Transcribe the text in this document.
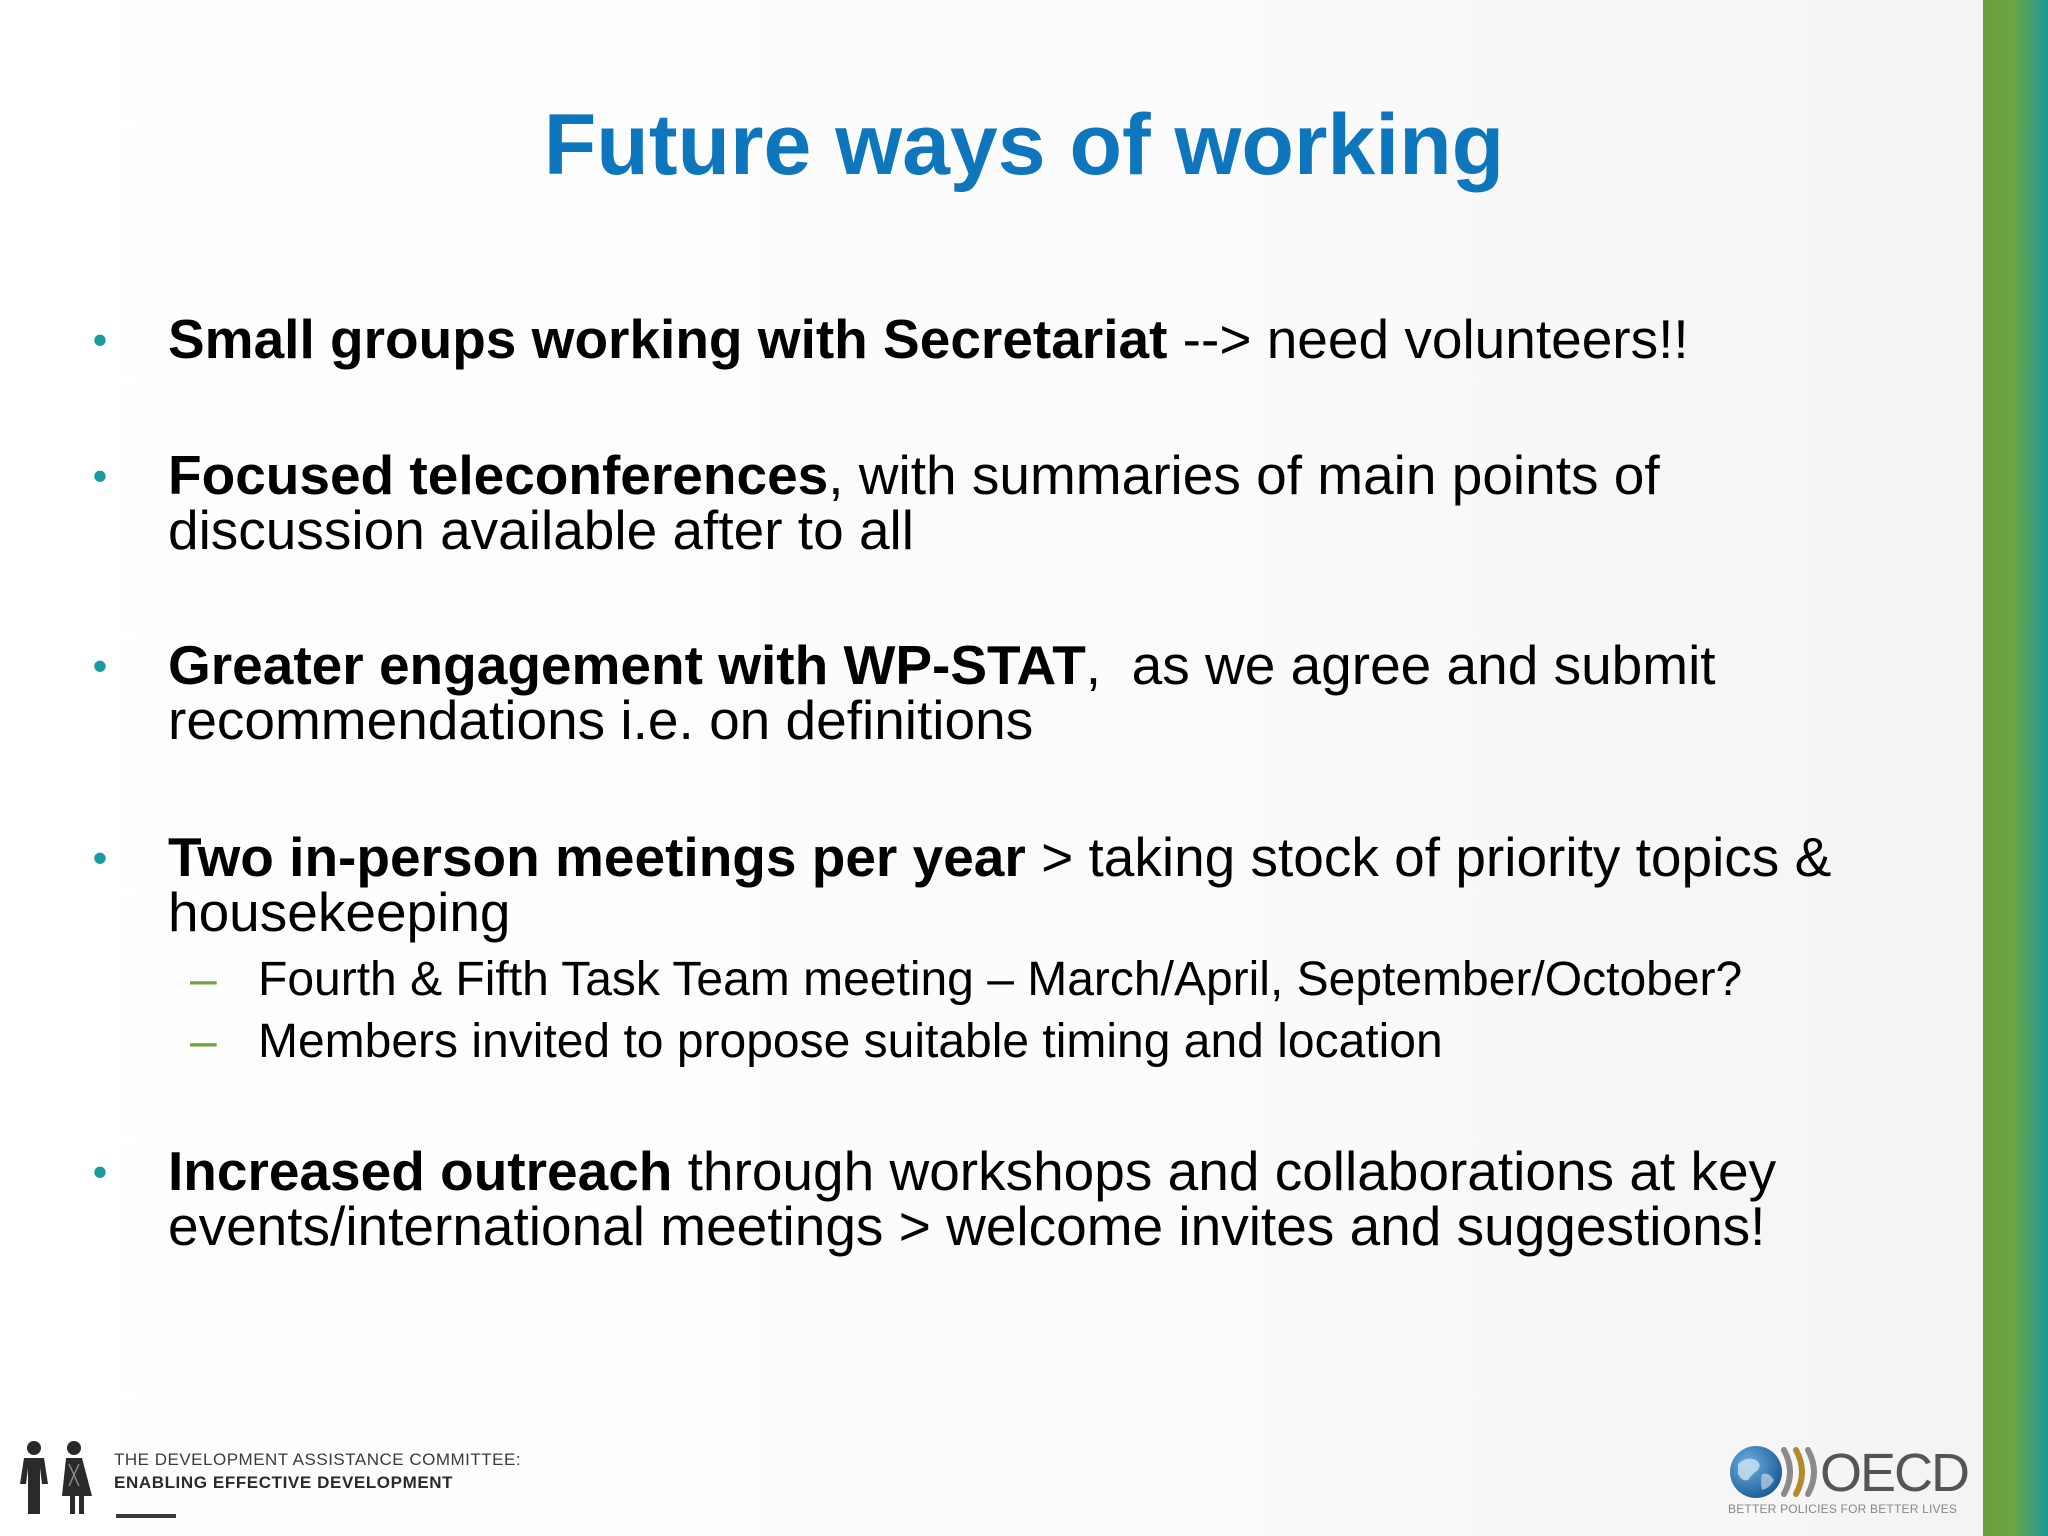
Future ways of working
• Small groups working with Secretariat --> need volunteers!!
• Focused teleconferences, with summaries of main points of
discussion available after to all
• Greater engagement with WP-STAT,  as we agree and submit
recommendations i.e. on definitions
• Two in-person meetings per year > taking stock of priority topics &
housekeeping
– Fourth & Fifth Task Team meeting – March/April, September/October?
– Members invited to propose suitable timing and location
• Increased outreach through workshops and collaborations at key
events/international meetings > welcome invites and suggestions!
THE DEVELOPMENT ASSISTANCE COMMITTEE:
ENABLING EFFECTIVE DEVELOPMENT	OECD
BETTER POLICIES FOR BETTER LIVES
